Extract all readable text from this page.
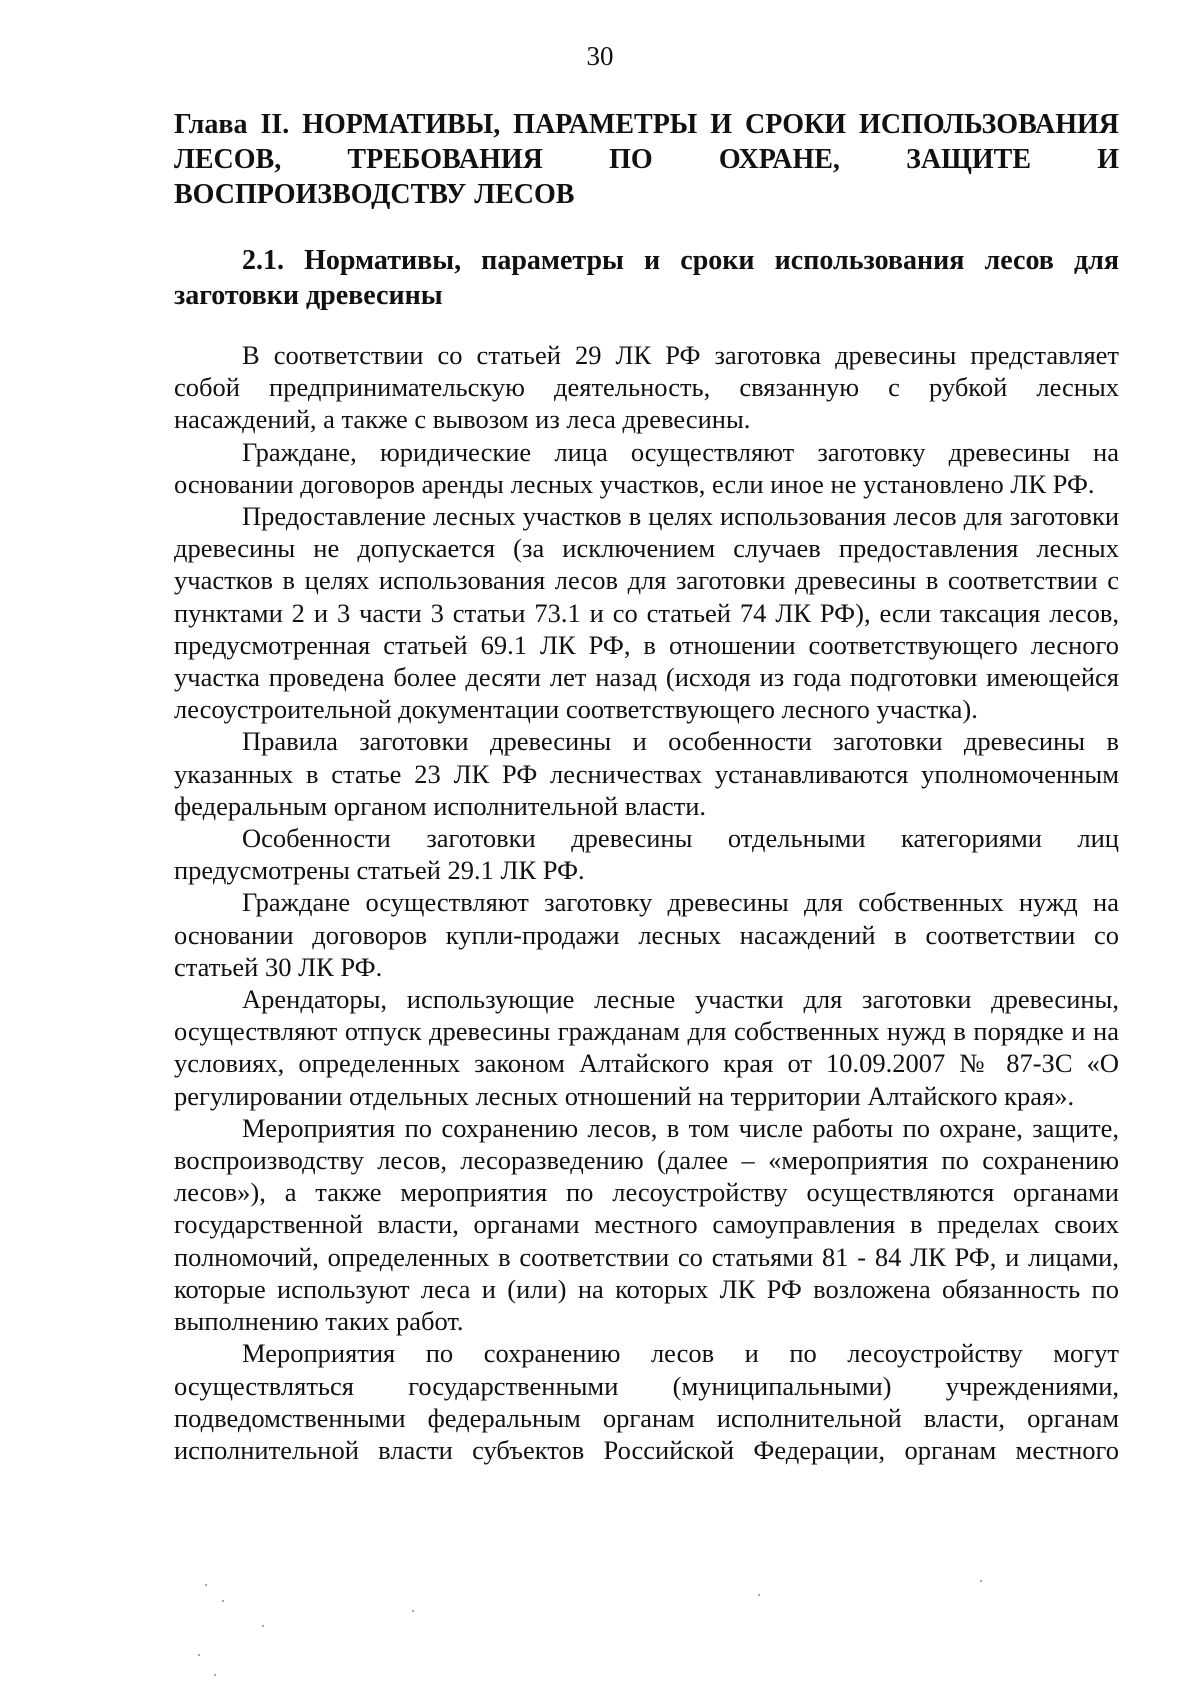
30
Глава II. НОРМАТИВЫ, ПАРАМЕТРЫ И СРОКИ ИСПОЛЬЗОВАНИЯ ЛЕСОВ, ТРЕБОВАНИЯ ПО ОХРАНЕ, ЗАЩИТЕ И ВОСПРОИЗВОДСТВУ ЛЕСОВ
2.1. Нормативы, параметры и сроки использования лесов для заготовки древесины

В соответствии со статьей 29 ЛК РФ заготовка древесины представляет собой предпринимательскую деятельность, связанную с рубкой лесных насаждений, а также с вывозом из леса древесины.

Граждане, юридические лица осуществляют заготовку древесины на основании договоров аренды лесных участков, если иное не установлено ЛК РФ.

Предоставление лесных участков в целях использования лесов для заготовки древесины не допускается (за исключением случаев предоставления лесных участков в целях использования лесов для заготовки древесины в соответствии с пунктами 2 и 3 части 3 статьи 73.1 и со статьей 74 ЛК РФ), если таксация лесов, предусмотренная статьей 69.1 ЛК РФ, в отношении соответствующего лесного участка проведена более десяти лет назад (исходя из года подготовки имеющейся лесоустроительной документации соответствующего лесного участка).

Правила заготовки древесины и особенности заготовки древесины в указанных в статье 23 ЛК РФ лесничествах устанавливаются уполномоченным федеральным органом исполнительной власти.

Особенности заготовки древесины отдельными категориями лиц предусмотрены статьей 29.1 ЛК РФ.

Граждане осуществляют заготовку древесины для собственных нужд на основании договоров купли-продажи лесных насаждений в соответствии со статьей 30 ЛК РФ.

Арендаторы, использующие лесные участки для заготовки древесины, осуществляют отпуск древесины гражданам для собственных нужд в порядке и на условиях, определенных законом Алтайского края от 10.09.2007 № 87-ЗС «О регулировании отдельных лесных отношений на территории Алтайского края».

Мероприятия по сохранению лесов, в том числе работы по охране, защите, воспроизводству лесов, лесоразведению (далее – «мероприятия по сохранению лесов»), а также мероприятия по лесоустройству осуществляются органами государственной власти, органами местного самоуправления в пределах своих полномочий, определенных в соответствии со статьями 81 - 84 ЛК РФ, и лицами, которые используют леса и (или) на которых ЛК РФ возложена обязанность по выполнению таких работ.

Мероприятия по сохранению лесов и по лесоустройству могут осуществляться государственными (муниципальными) учреждениями, подведомственными федеральным органам исполнительной власти, органам исполнительной власти субъектов Российской Федерации, органам местного
